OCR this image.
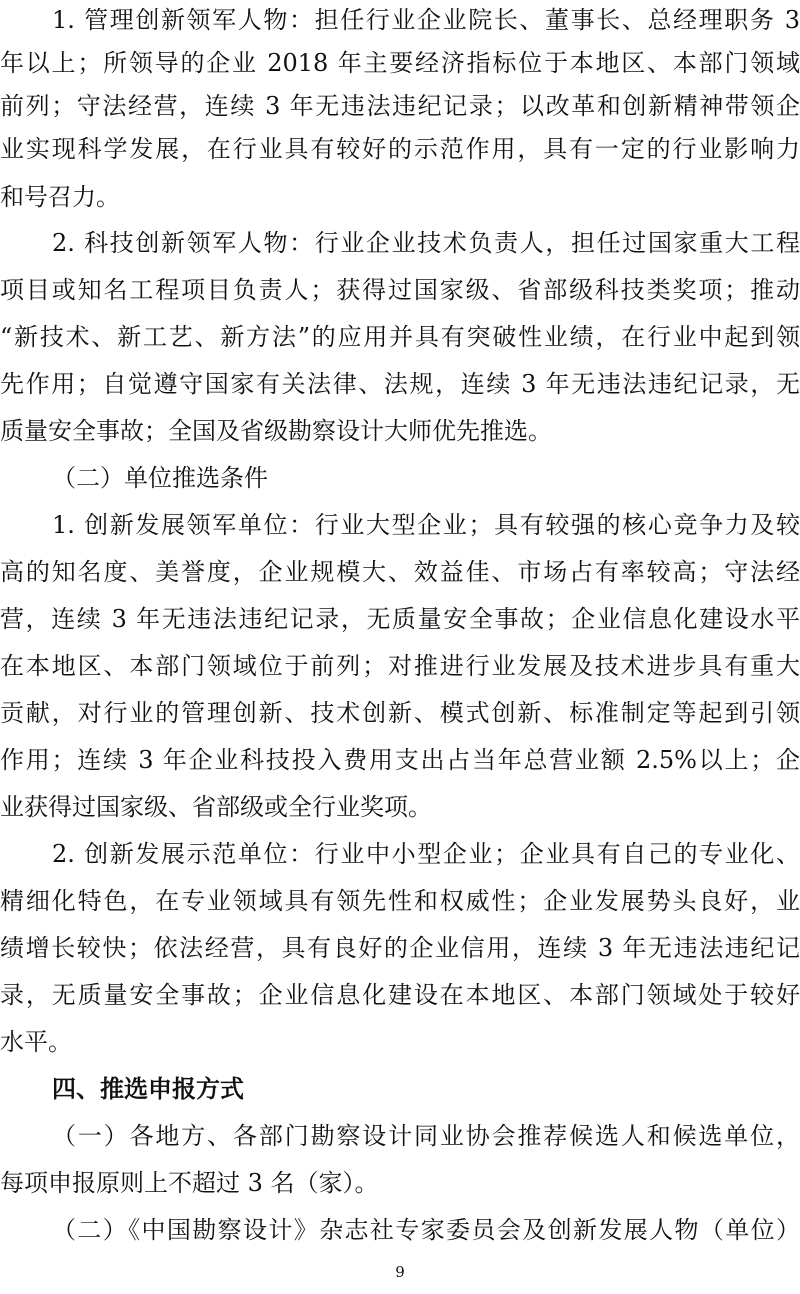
1. 管理创新领军人物：担任行业企业院长、董事长、总经理职务 3
年以上；所领导的企业 2018 年主要经济指标位于本地区、本部门领域
前列；守法经营，连续 3 年无违法违纪记录；以改革和创新精神带领企
业实现科学发展，在行业具有较好的示范作用，具有一定的行业影响力
和号召力。
2. 科技创新领军人物：行业企业技术负责人，担任过国家重大工程
项目或知名工程项目负责人；获得过国家级、省部级科技类奖项；推动
“新技术、新工艺、新方法”的应用并具有突破性业绩，在行业中起到领
先作用；自觉遵守国家有关法律、法规，连续 3 年无违法违纪记录，无
质量安全事故；全国及省级勘察设计大师优先推选。
（二）单位推选条件
1. 创新发展领军单位：行业大型企业；具有较强的核心竞争力及较
高的知名度、美誉度，企业规模大、效益佳、市场占有率较高；守法经
营，连续 3 年无违法违纪记录，无质量安全事故；企业信息化建设水平
在本地区、本部门领域位于前列；对推进行业发展及技术进步具有重大
贡献，对行业的管理创新、技术创新、模式创新、标准制定等起到引领
作用；连续 3 年企业科技投入费用支出占当年总营业额 2.5%以上；企
业获得过国家级、省部级或全行业奖项。
2. 创新发展示范单位：行业中小型企业；企业具有自己的专业化、
精细化特色，在专业领域具有领先性和权威性；企业发展势头良好，业
绩增长较快；依法经营，具有良好的企业信用，连续 3 年无违法违纪记
录，无质量安全事故；企业信息化建设在本地区、本部门领域处于较好
水平。
四、推选申报方式
（一）各地方、各部门勘察设计同业协会推荐候选人和候选单位，
每项申报原则上不超过 3 名（家）。
（二）《中国勘察设计》杂志社专家委员会及创新发展人物（单位）
9
